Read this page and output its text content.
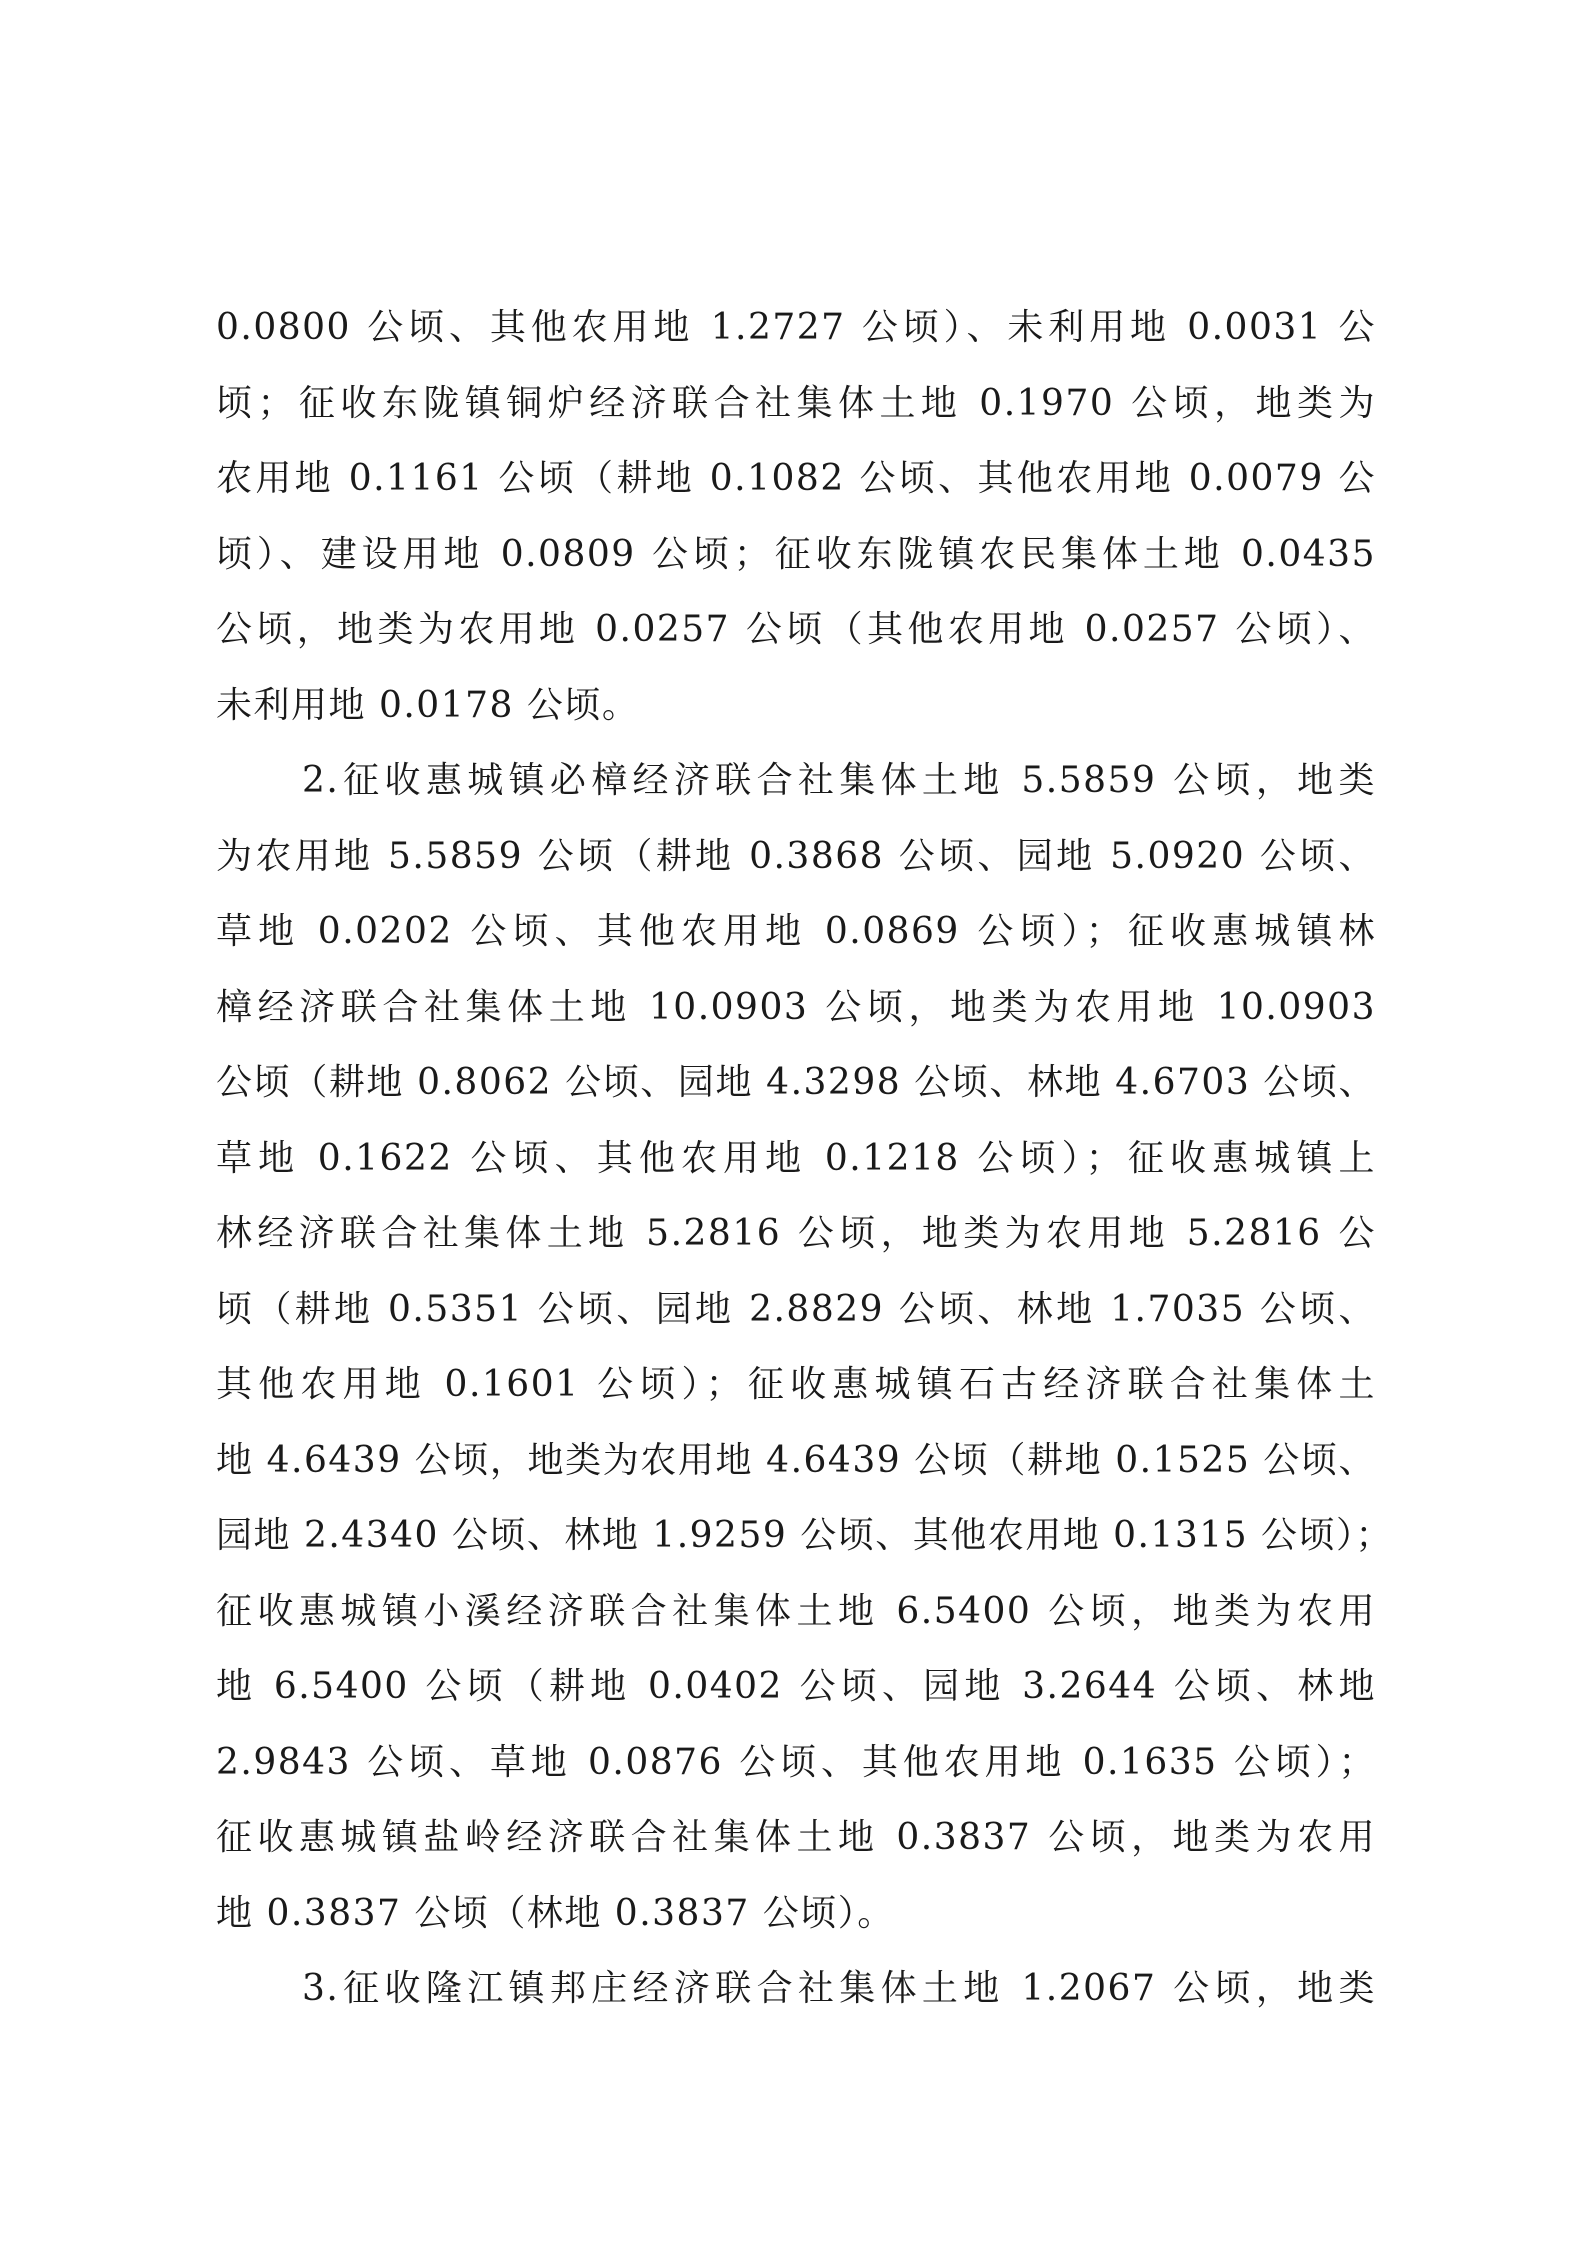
0.0800 公顷、其他农用地 1.2727 公顷）、未利用地 0.0031 公
顷；征收东陇镇铜炉经济联合社集体土地 0.1970 公顷，地类为
农用地 0.1161 公顷（耕地 0.1082 公顷、其他农用地 0.0079 公
顷）、建设用地 0.0809 公顷；征收东陇镇农民集体土地 0.0435
公顷，地类为农用地 0.0257 公顷（其他农用地 0.0257 公顷）、
未利用地 0.0178 公顷。
2.征收惠城镇必樟经济联合社集体土地 5.5859 公顷，地类
为农用地 5.5859 公顷（耕地 0.3868 公顷、园地 5.0920 公顷、
草地 0.0202 公顷、其他农用地 0.0869 公顷）；征收惠城镇林
樟经济联合社集体土地 10.0903 公顷，地类为农用地 10.0903
公顷（耕地 0.8062 公顷、园地 4.3298 公顷、林地 4.6703 公顷、
草地 0.1622 公顷、其他农用地 0.1218 公顷）；征收惠城镇上
林经济联合社集体土地 5.2816 公顷，地类为农用地 5.2816 公
顷（耕地 0.5351 公顷、园地 2.8829 公顷、林地 1.7035 公顷、
其他农用地 0.1601 公顷）；征收惠城镇石古经济联合社集体土
地 4.6439 公顷，地类为农用地 4.6439 公顷（耕地 0.1525 公顷、
园地 2.4340 公顷、林地 1.9259 公顷、其他农用地 0.1315 公顷）；
征收惠城镇小溪经济联合社集体土地 6.5400 公顷，地类为农用
地 6.5400 公顷（耕地 0.0402 公顷、园地 3.2644 公顷、林地
2.9843 公顷、草地 0.0876 公顷、其他农用地 0.1635 公顷）；
征收惠城镇盐岭经济联合社集体土地 0.3837 公顷，地类为农用
地 0.3837 公顷（林地 0.3837 公顷）。
3.征收隆江镇邦庄经济联合社集体土地 1.2067 公顷，地类
